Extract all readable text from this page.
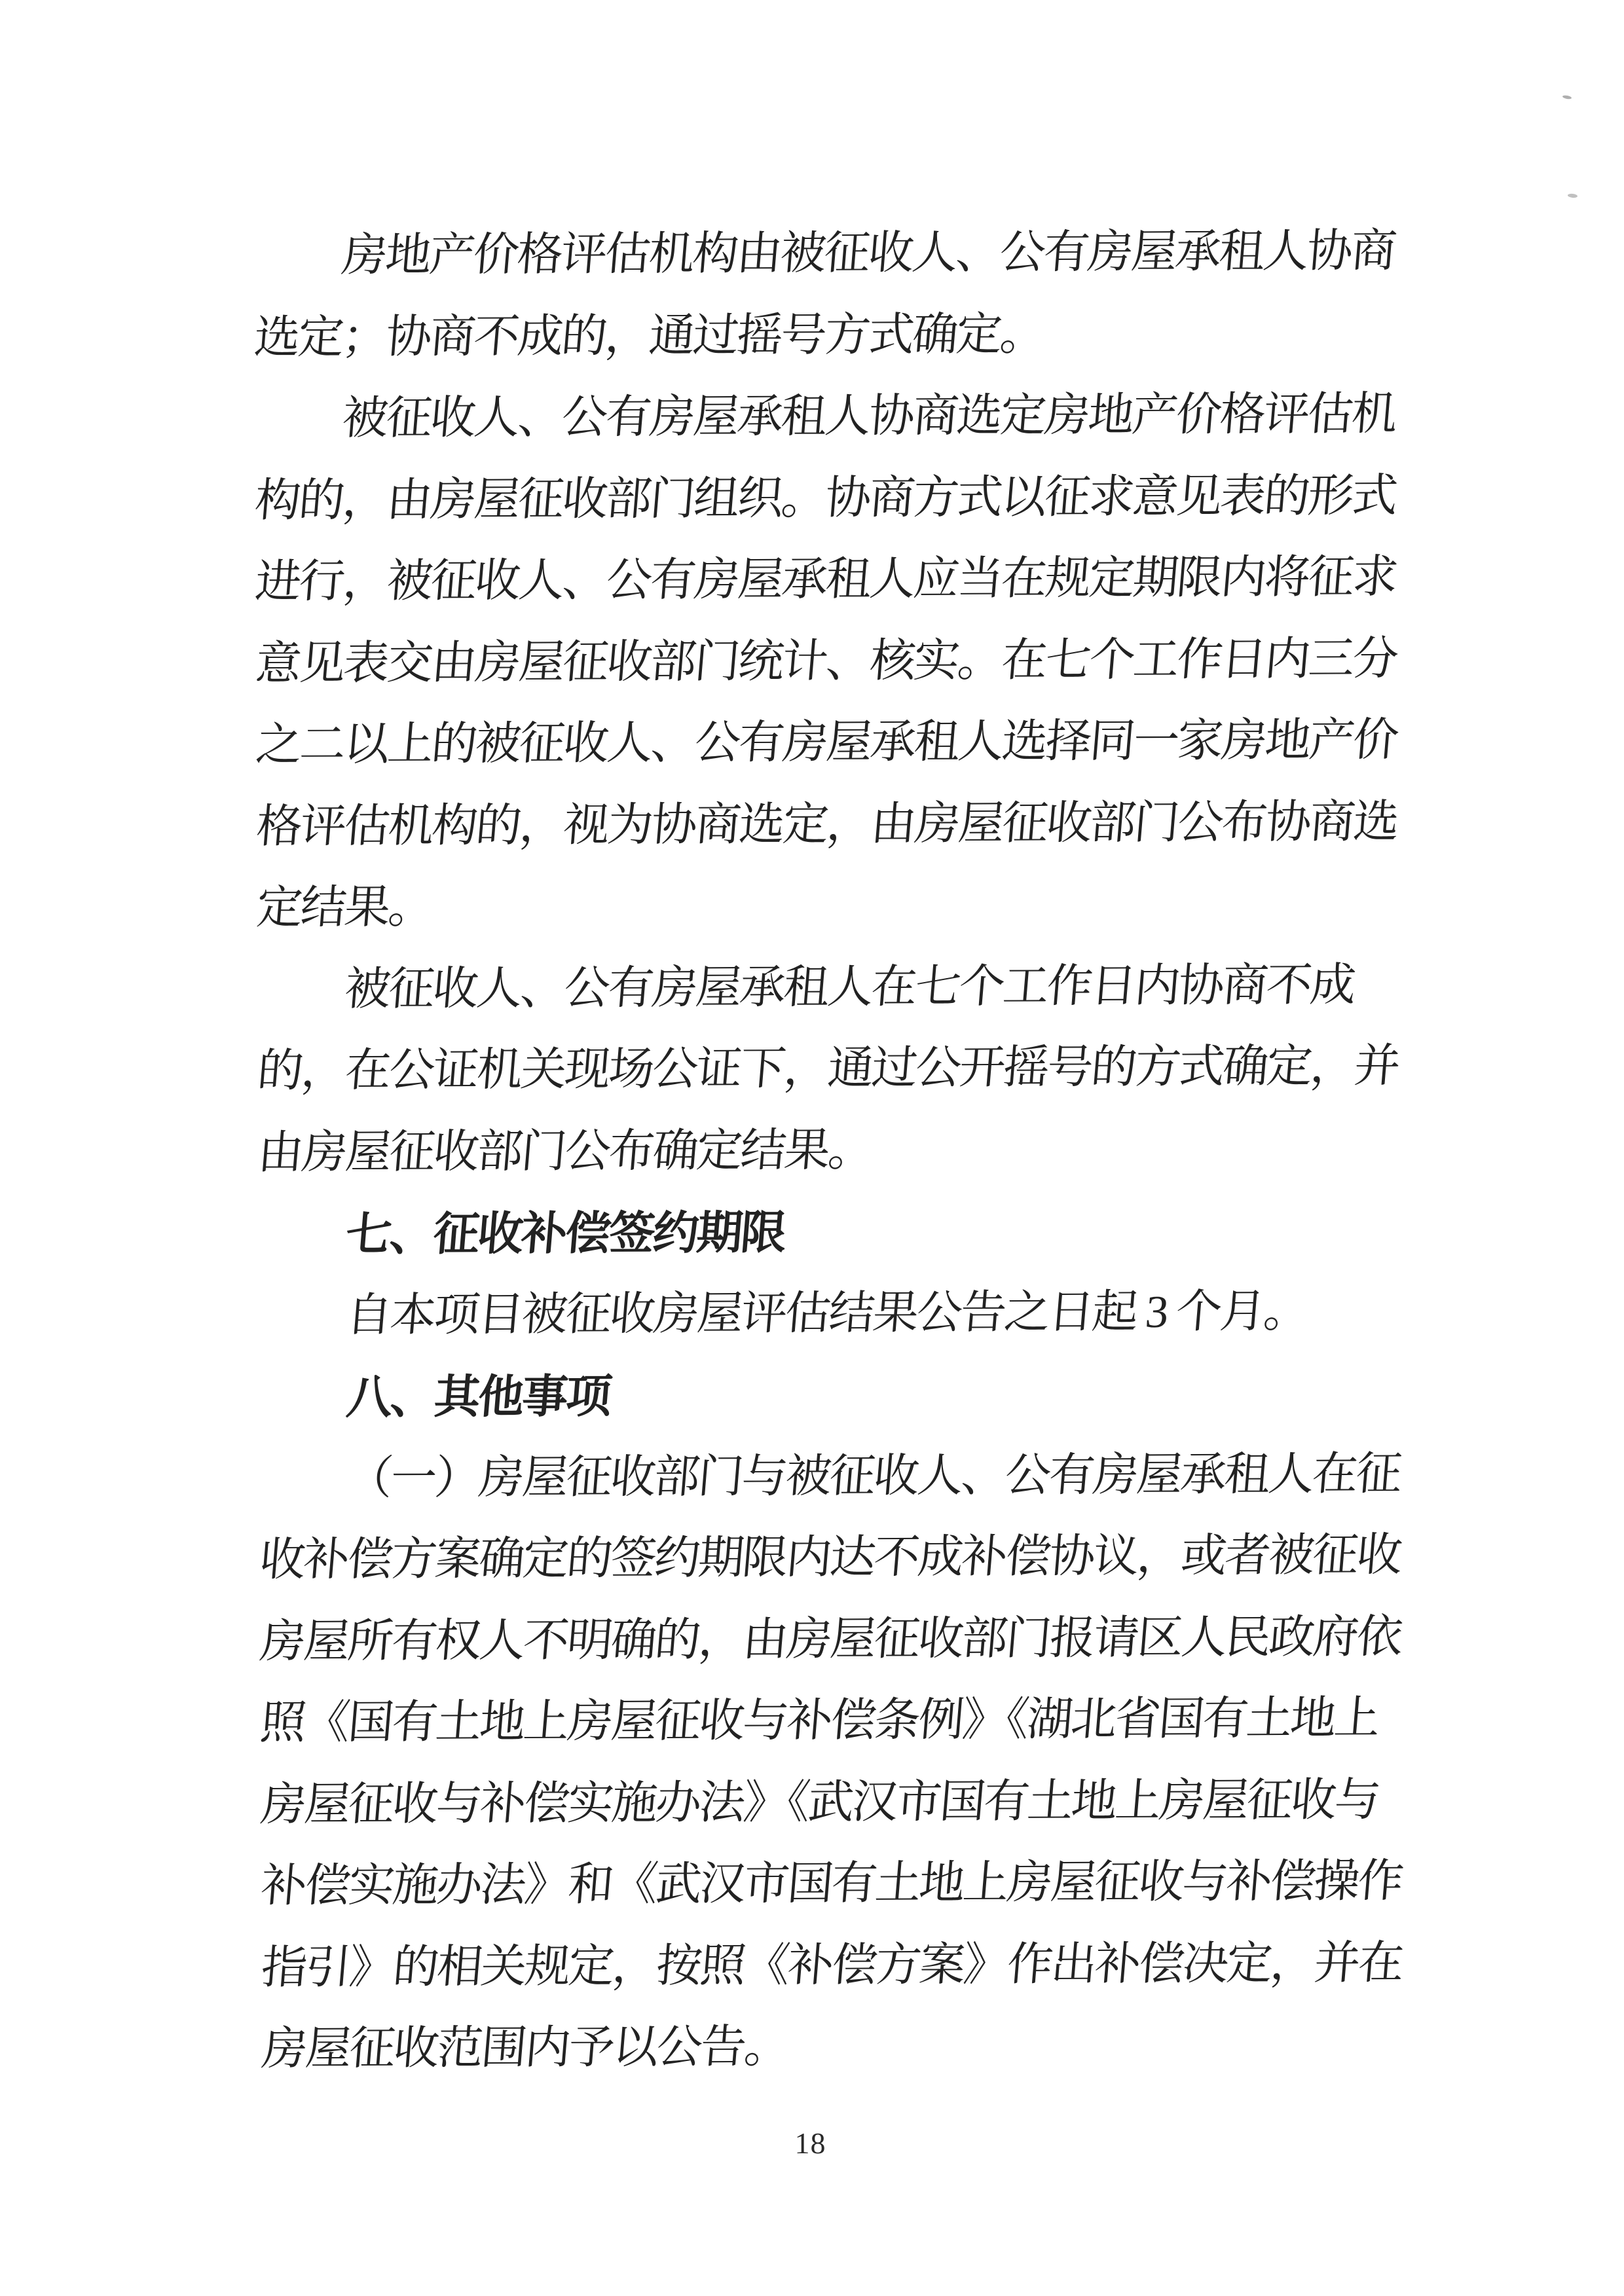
房地产价格评估机构由被征收人、公有房屋承租人协商
选定；协商不成的，通过摇号方式确定。
被征收人、公有房屋承租人协商选定房地产价格评估机
构的，由房屋征收部门组织。协商方式以征求意见表的形式
进行，被征收人、公有房屋承租人应当在规定期限内将征求
意见表交由房屋征收部门统计、核实。在七个工作日内三分
之二以上的被征收人、公有房屋承租人选择同一家房地产价
格评估机构的，视为协商选定，由房屋征收部门公布协商选
定结果。
被征收人、公有房屋承租人在七个工作日内协商不成
的，在公证机关现场公证下，通过公开摇号的方式确定，并
由房屋征收部门公布确定结果。
七、征收补偿签约期限
自本项目被征收房屋评估结果公告之日起 3 个月。
八、其他事项
（一）房屋征收部门与被征收人、公有房屋承租人在征
收补偿方案确定的签约期限内达不成补偿协议，或者被征收
房屋所有权人不明确的，由房屋征收部门报请区人民政府依
照《国有土地上房屋征收与补偿条例》《湖北省国有土地上
房屋征收与补偿实施办法》《武汉市国有土地上房屋征收与
补偿实施办法》和《武汉市国有土地上房屋征收与补偿操作
指引》的相关规定，按照《补偿方案》作出补偿决定，并在
房屋征收范围内予以公告。
18
